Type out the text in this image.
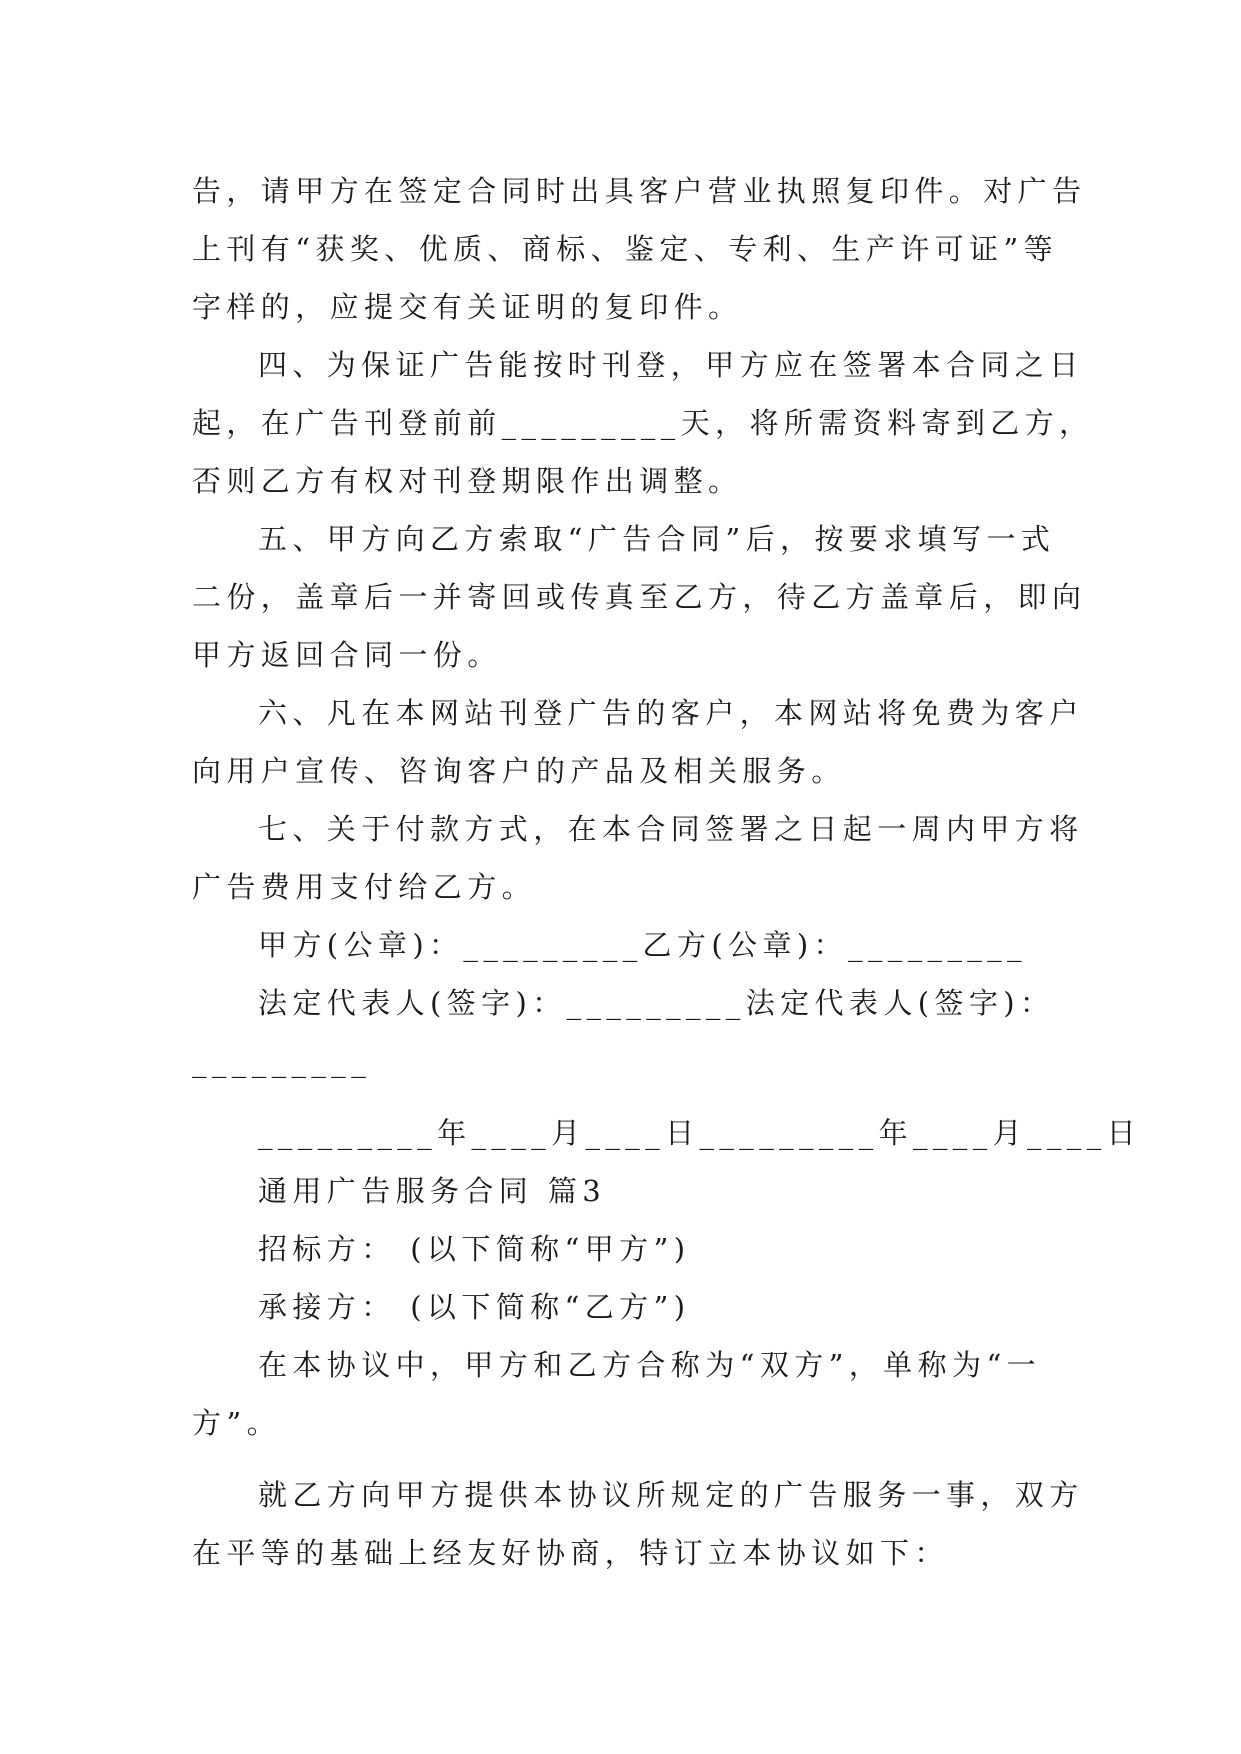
告，请甲方在签定合同时出具客户营业执照复印件。对广告
上刊有“获奖、优质、商标、鉴定、专利、生产许可证”等
字样的，应提交有关证明的复印件。
四、为保证广告能按时刊登，甲方应在签署本合同之日
起，在广告刊登前前_________天，将所需资料寄到乙方，
否则乙方有权对刊登期限作出调整。
五、甲方向乙方索取“广告合同”后，按要求填写一式
二份，盖章后一并寄回或传真至乙方，待乙方盖章后，即向
甲方返回合同一份。
六、凡在本网站刊登广告的客户，本网站将免费为客户
向用户宣传、咨询客户的产品及相关服务。
七、关于付款方式，在本合同签署之日起一周内甲方将
广告费用支付给乙方。
甲方(公章)：_________乙方(公章)：_________
法定代表人(签字)：_________法定代表人(签字)：
_________
_________年____月____日_________年____月____日
通用广告服务合同 篇3
招标方： (以下简称“甲方”)
承接方： (以下简称“乙方”)
在本协议中，甲方和乙方合称为“双方”，单称为“一
方”。
就乙方向甲方提供本协议所规定的广告服务一事，双方
在平等的基础上经友好协商，特订立本协议如下：
